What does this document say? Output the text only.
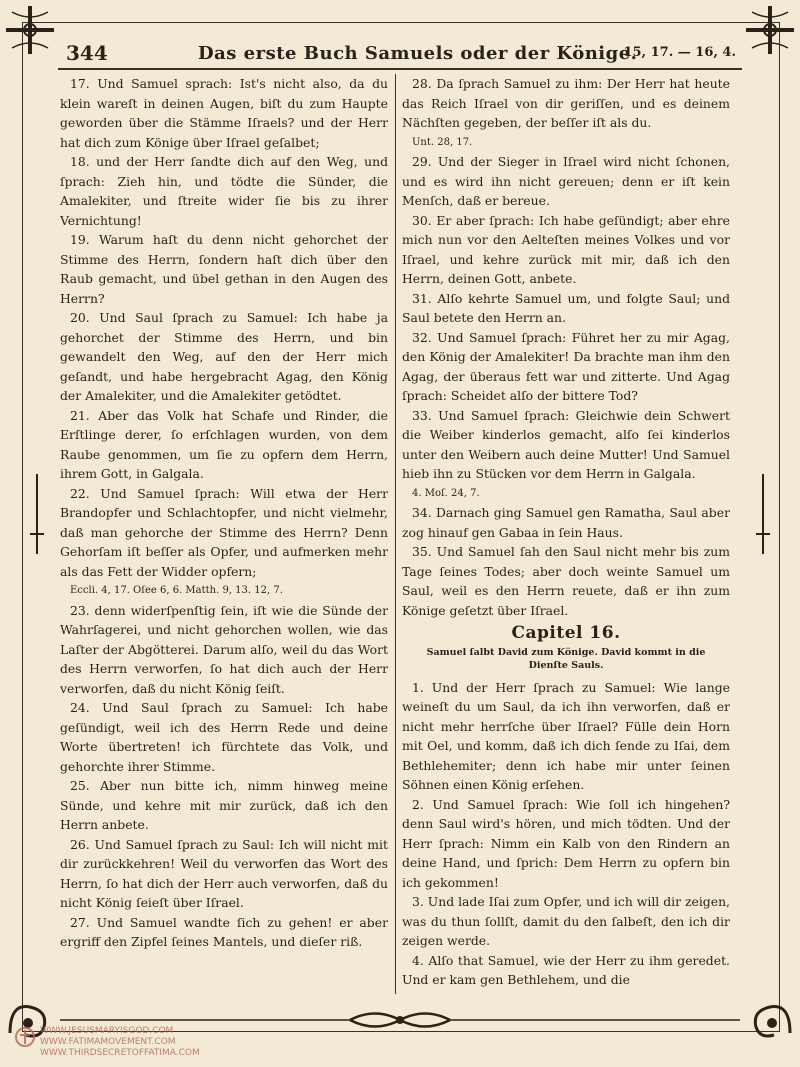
344	Das erste Buch Samuels oder der Könige.
15, 17. — 16, 4.

17. Und Samuel sprach: Ist's nicht also, da du klein wareſt in deinen Augen, biſt du zum Haupte geworden über die Stämme Iſraels? und der Herr hat dich zum Könige über Iſrael geſalbet;

18. und der Herr ſandte dich auf den Weg, und ſprach: Zieh hin, und tödte die Sünder, die Amalekiter, und ſtreite wider ſie bis zu ihrer Vernichtung!

19. Warum haſt du denn nicht gehorchet der Stimme des Herrn, ſondern haſt dich über den Raub gemacht, und übel gethan in den Augen des Herrn?

20. Und Saul ſprach zu Samuel: Ich habe ja gehorchet der Stimme des Herrn, und bin gewandelt den Weg, auf den der Herr mich geſandt, und habe hergebracht Agag, den König der Amalekiter, und die Amalekiter getödtet.

21. Aber das Volk hat Schafe und Rinder, die Erſtlinge derer, ſo erſchlagen wurden, von dem Raube genommen, um ſie zu opfern dem Herrn, ihrem Gott, in Galgala.

22. Und Samuel ſprach: Will etwa der Herr Brandopfer und Schlachtopfer, und nicht vielmehr, daß man gehorche der Stimme des Herrn? Denn Gehorſam iſt beſſer als Opfer, und aufmerken mehr als das Fett der Widder opfern;

Eccli. 4, 17. Oſee 6, 6. Matth. 9, 13. 12, 7.

23. denn widerſpenſtig ſein, iſt wie die Sünde der Wahrſagerei, und nicht gehorchen wollen, wie das Laſter der Abgötterei. Darum alſo, weil du das Wort des Herrn verworfen, ſo hat dich auch der Herr verworfen, daß du nicht König ſeiſt.

24. Und Saul ſprach zu Samuel: Ich habe geſündigt, weil ich des Herrn Rede und deine Worte übertreten! ich fürchtete das Volk, und gehorchte ihrer Stimme.

25. Aber nun bitte ich, nimm hinweg meine Sünde, und kehre mit mir zurück, daß ich den Herrn anbete.

26. Und Samuel ſprach zu Saul: Ich will nicht mit dir zurückkehren! Weil du verworfen das Wort des Herrn, ſo hat dich der Herr auch verworfen, daß du nicht König ſeieſt über Iſrael.

27. Und Samuel wandte ſich zu gehen! er aber ergriff den Zipfel ſeines Mantels, und dieſer riß.

28. Da ſprach Samuel zu ihm: Der Herr hat heute das Reich Iſrael von dir geriſſen, und es deinem Nächſten gegeben, der beſſer iſt als du.

Unt. 28, 17.

29. Und der Sieger in Iſrael wird nicht ſchonen, und es wird ihn nicht gereuen; denn er iſt kein Menſch, daß er bereue.

30. Er aber ſprach: Ich habe geſündigt; aber ehre mich nun vor den Aelteſten meines Volkes und vor Iſrael, und kehre zurück mit mir, daß ich den Herrn, deinen Gott, anbete.

31. Alſo kehrte Samuel um, und folgte Saul; und Saul betete den Herrn an.

32. Und Samuel ſprach: Führet her zu mir Agag, den König der Amalekiter! Da brachte man ihm den Agag, der überaus fett war und zitterte. Und Agag ſprach: Scheidet alſo der bittere Tod?

33. Und Samuel ſprach: Gleichwie dein Schwert die Weiber kinderlos gemacht, alſo ſei kinderlos unter den Weibern auch deine Mutter! Und Samuel hieb ihn zu Stücken vor dem Herrn in Galgala.

4. Moſ. 24, 7.

34. Darnach ging Samuel gen Ramatha, Saul aber zog hinauf gen Gabaa in ſein Haus.

35. Und Samuel ſah den Saul nicht mehr bis zum Tage ſeines Todes; aber doch weinte Samuel um Saul, weil es den Herrn reuete, daß er ihn zum Könige geſetzt über Iſrael.

Capitel 16.
Samuel ſalbt David zum Könige. David kommt in die Dienſte Sauls.

1. Und der Herr ſprach zu Samuel: Wie lange weineſt du um Saul, da ich ihn verworfen, daß er nicht mehr herrſche über Iſrael? Fülle dein Horn mit Oel, und komm, daß ich dich ſende zu Iſai, dem Bethlehemiter; denn ich habe mir unter ſeinen Söhnen einen König erſehen.

2. Und Samuel ſprach: Wie ſoll ich hingehen? denn Saul wird's hören, und mich tödten. Und der Herr ſprach: Nimm ein Kalb von den Rindern an deine Hand, und ſprich: Dem Herrn zu opfern bin ich gekommen!

3. Und lade Iſai zum Opfer, und ich will dir zeigen, was du thun ſollſt, damit du den ſalbeſt, den ich dir zeigen werde.

4. Alſo that Samuel, wie der Herr zu ihm geredet. Und er kam gen Bethlehem, und die

WWW.JESUSMARYISGOD.COM
WWW.FATIMAMOVEMENT.COM
WWW.THIRDSECRETOFFATIMA.COM
